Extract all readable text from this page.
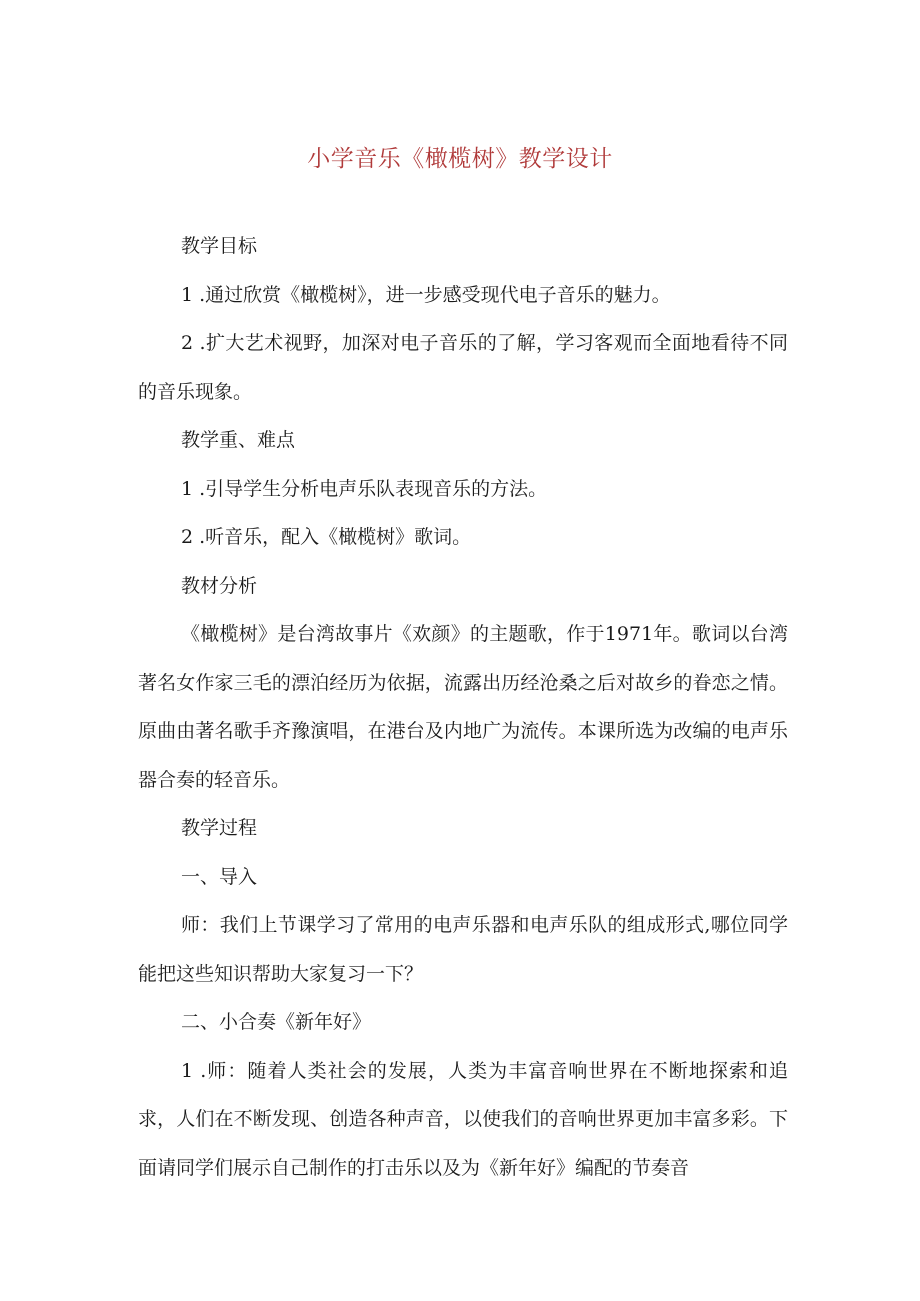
小学音乐《橄榄树》教学设计

教学目标

1 .通过欣赏《橄榄树》，进一步感受现代电子音乐的魅力。

2 .扩大艺术视野，加深对电子音乐的了解，学习客观而全面地看待不同的音乐现象。

教学重、难点

1 .引导学生分析电声乐队表现音乐的方法。

2 .听音乐，配入《橄榄树》歌词。

教材分析

《橄榄树》是台湾故事片《欢颜》的主题歌，作于1971年。歌词以台湾著名女作家三毛的漂泊经历为依据，流露出历经沧桑之后对故乡的眷恋之情。原曲由著名歌手齐豫演唱，在港台及内地广为流传。本课所选为改编的电声乐器合奏的轻音乐。

教学过程

一、导入

师：我们上节课学习了常用的电声乐器和电声乐队的组成形式,哪位同学能把这些知识帮助大家复习一下？

二、小合奏《新年好》

1 .师：随着人类社会的发展，人类为丰富音响世界在不断地探索和追求，人们在不断发现、创造各种声音，以使我们的音响世界更加丰富多彩。下面请同学们展示自己制作的打击乐以及为《新年好》编配的节奏音
